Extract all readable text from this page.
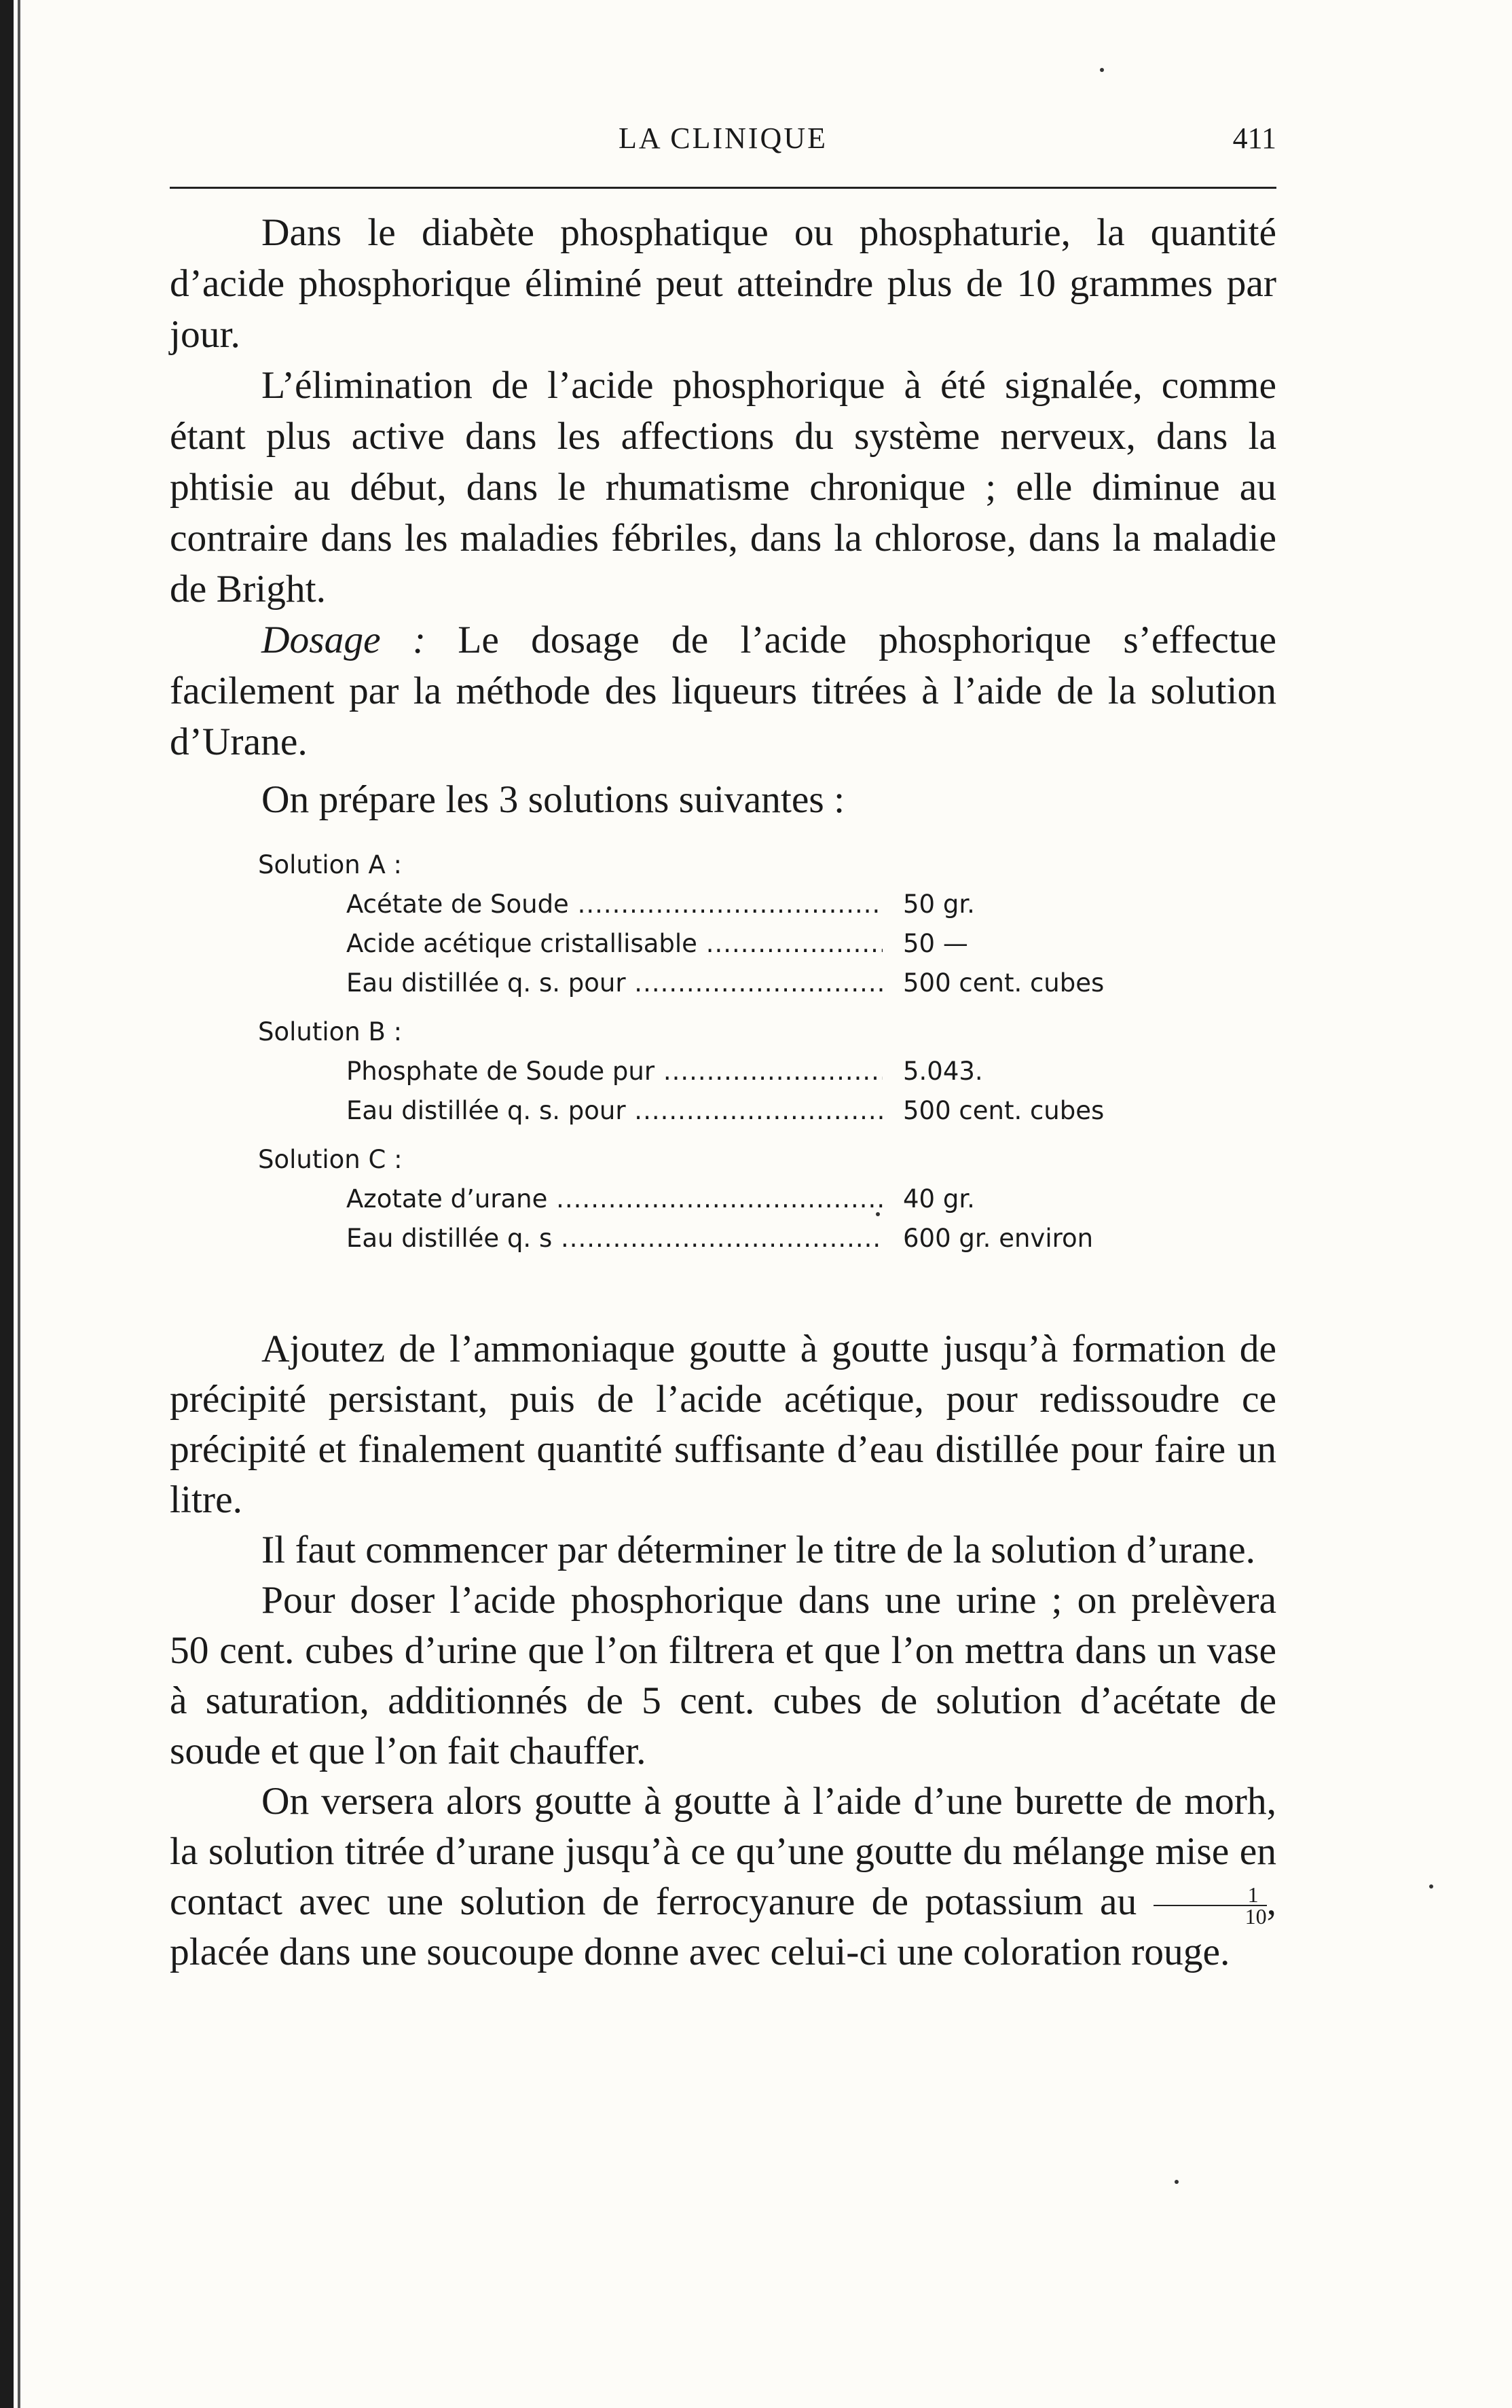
LA CLINIQUE	411

Dans le diabète phosphatique ou phosphaturie, la quantité d’acide phosphorique éliminé peut atteindre plus de 10 grammes par jour.

L’élimination de l’acide phosphorique à été signalée, comme étant plus active dans les affections du système nerveux, dans la phtisie au début, dans le rhumatisme chronique ; elle diminue au contraire dans les maladies fébriles, dans la chlorose, dans la maladie de Bright.

Dosage : Le dosage de l’acide phosphorique s’effectue facilement par la méthode des liqueurs titrées à l’aide de la solution d’Urane.

On prépare les 3 solutions suivantes :

Solution A :

Acétate de Soude .....	50 gr.
Acide acétique cristallisable .....	50 —
Eau distillée q. s. pour .....	500 cent. cubes

Solution B :

Phosphate de Soude pur .....	5.043.
Eau distillée q. s. pour .....	500 cent. cubes

Solution C :

Azotate d’urane .....	40 gr.
Eau distillée q. s .....	600 gr. environ

Ajoutez de l’ammoniaque goutte à goutte jusqu’à formation de précipité persistant, puis de l’acide acétique, pour redissoudre ce précipité et finalement quantité suffisante d’eau distillée pour faire un litre.

Il faut commencer par déterminer le titre de la solution d’urane.

Pour doser l’acide phosphorique dans une urine ; on prelèvera 50 cent. cubes d’urine que l’on filtrera et que l’on mettra dans un vase à saturation, additionnés de 5 cent. cubes de solution d’acétate de soude et que l’on fait chauffer.

On versera alors goutte à goutte à l’aide d’une burette de morh, la solution titrée d’urane jusqu’à ce qu’une goutte du mélange mise en contact avec une solution de ferrocyanure de potassium au $\frac{1}{10}$ , placée dans une soucoupe donne avec celui-ci une coloration rouge.
